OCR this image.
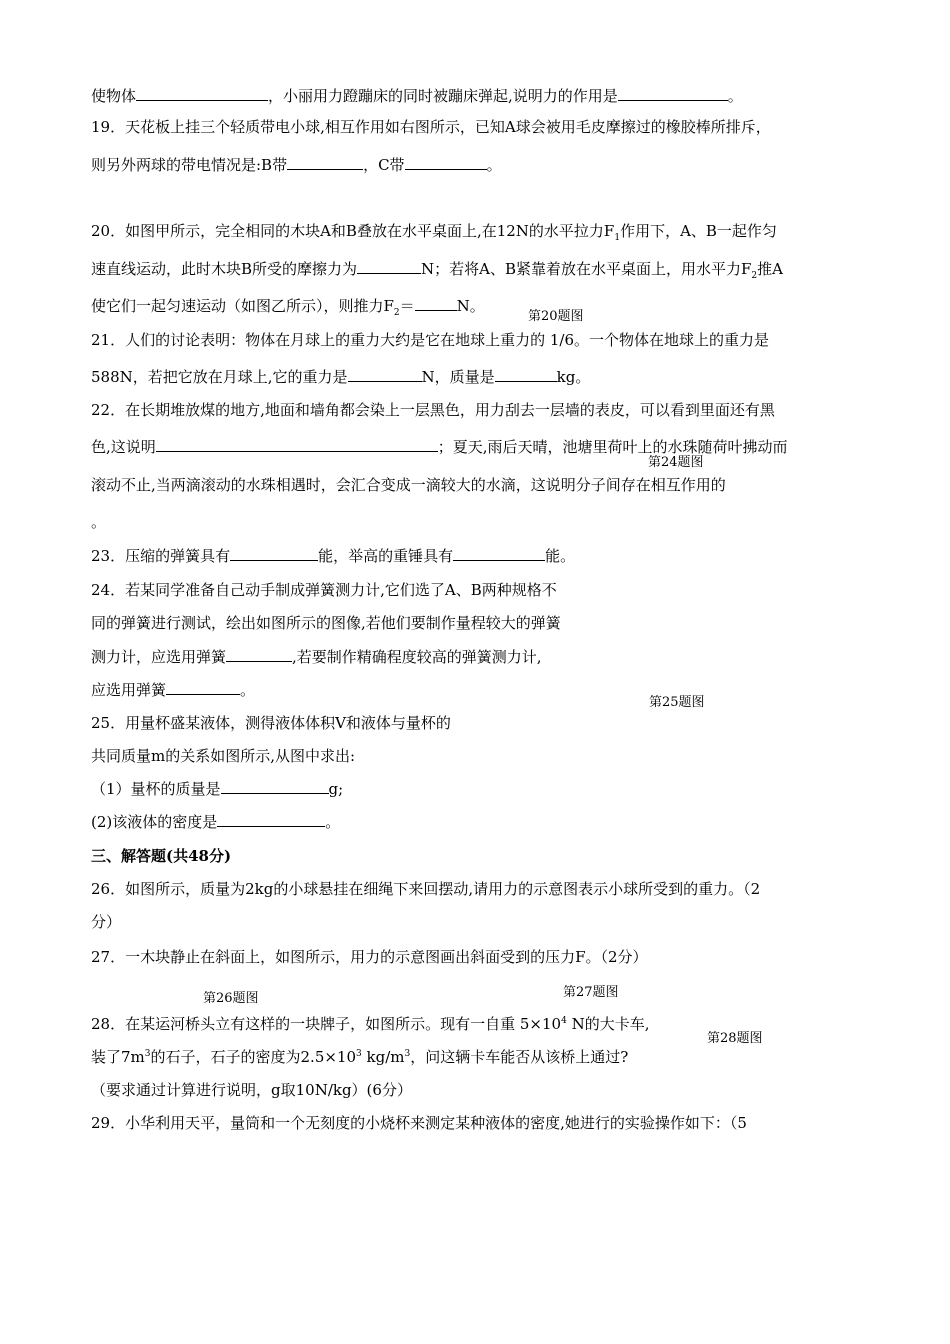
使物体	，小丽用力蹬蹦床的同时被蹦床弹起,说明力的作用是	。
19．天花板上挂三个轻质带电小球,相互作用如右图所示，已知A球会被用毛皮摩擦过的橡胶棒所排斥，
则另外两球的带电情况是:B带	，C带	。
20．如图甲所示，完全相同的木块A和B叠放在水平桌面上,在12N的水平拉力$F_1$作用下，A、B一起作匀
速直线运动，此时木块B所受的摩擦力为	N；若将A、B紧靠着放在水平桌面上，用水平力$F_2$推A
使它们一起匀速运动（如图乙所示），则推力$F_2=$	N。
第20题图
21．人们的讨论表明：物体在月球上的重力大约是它在地球上重力的 1/6。一个物体在地球上的重力是
588N，若把它放在月球上,它的重力是	N，质量是	kg。
22．在长期堆放煤的地方,地面和墙角都会染上一层黑色，用力刮去一层墙的表皮，可以看到里面还有黑
色,这说明	；夏天,雨后天晴，池塘里荷叶上的水珠随荷叶拂动而
第24题图
滚动不止,当两滴滚动的水珠相遇时，会汇合变成一滴较大的水滴，这说明分子间存在相互作用的
。
23．压缩的弹簧具有	能，举高的重锤具有	能。
24．若某同学准备自己动手制成弹簧测力计,它们选了A、B两种规格不
同的弹簧进行测试，绘出如图所示的图像,若他们要制作量程较大的弹簧
测力计，应选用弹簧	,若要制作精确程度较高的弹簧测力计,
应选用弹簧	。
第25题图
25．用量杯盛某液体，测得液体体积V和液体与量杯的
共同质量m的关系如图所示,从图中求出:
（1）量杯的质量是	g;
(2)该液体的密度是	。
三、解答题(共48分)
26．如图所示，质量为2kg的小球悬挂在细绳下来回摆动,请用力的示意图表示小球所受到的重力。（2
分）
27．一木块静止在斜面上，如图所示，用力的示意图画出斜面受到的压力F。（2分）
第27题图
第26题图
28．在某运河桥头立有这样的一块牌子，如图所示。现有一自重 $5\times 10^4$ N的大卡车,
第28题图
装了$7m^3$的石子，石子的密度为$2.5\times 10^3$ $kg/m^3$，问这辆卡车能否从该桥上通过?
（要求通过计算进行说明，g取10N/kg）(6分）
29．小华利用天平，量筒和一个无刻度的小烧杯来测定某种液体的密度,她进行的实验操作如下：（5
